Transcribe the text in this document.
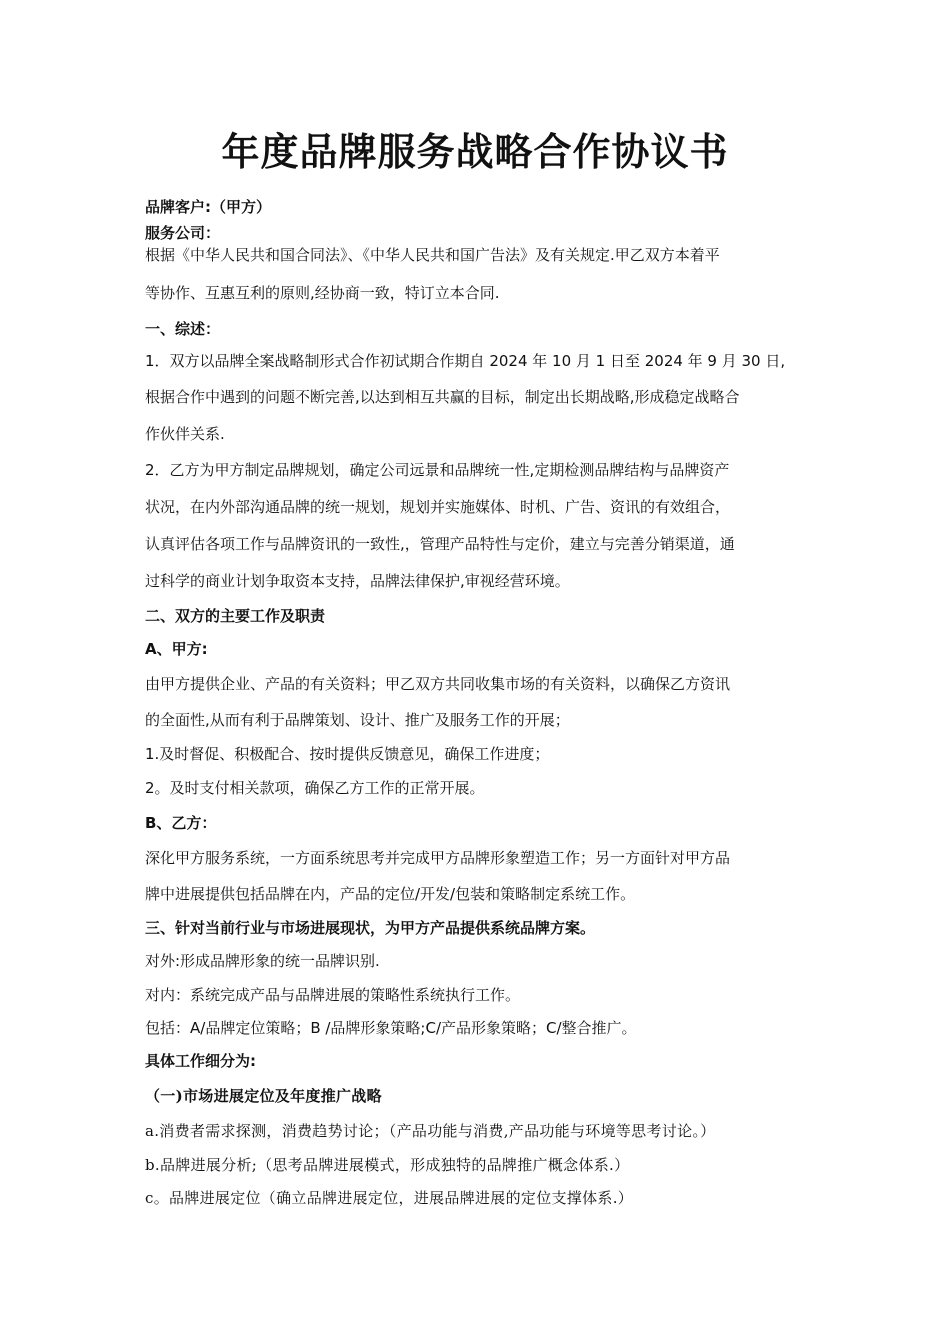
年度品牌服务战略合作协议书

品牌客户:（甲方）

服务公司：

根据《中华人民共和国合同法》、《中华人民共和国广告法》及有关规定.甲乙双方本着平

等协作、互惠互利的原则,经协商一致，特订立本合同.

一、综述：

1．双方以品牌全案战略制形式合作初试期合作期自 2024 年 10 月 1 日至 2024 年 9 月 30 日,

根据合作中遇到的问题不断完善,以达到相互共赢的目标，制定出长期战略,形成稳定战略合

作伙伴关系.

2．乙方为甲方制定品牌规划，确定公司远景和品牌统一性,定期检测品牌结构与品牌资产

状况，在内外部沟通品牌的统一规划，规划并实施媒体、时机、广告、资讯的有效组合，

认真评估各项工作与品牌资讯的一致性,，管理产品特性与定价，建立与完善分销渠道，通

过科学的商业计划争取资本支持，品牌法律保护,审视经营环境。

二、双方的主要工作及职责

A、甲方:

由甲方提供企业、产品的有关资料；甲乙双方共同收集市场的有关资料，以确保乙方资讯

的全面性,从而有利于品牌策划、设计、推广及服务工作的开展；

1.及时督促、积极配合、按时提供反馈意见，确保工作进度；

2。及时支付相关款项，确保乙方工作的正常开展。

B、乙方：

深化甲方服务系统，一方面系统思考并完成甲方品牌形象塑造工作；另一方面针对甲方品

牌中进展提供包括品牌在内，产品的定位/开发/包装和策略制定系统工作。

三、针对当前行业与市场进展现状，为甲方产品提供系统品牌方案。

对外:形成品牌形象的统一品牌识别.

对内：系统完成产品与品牌进展的策略性系统执行工作。

包括：A/品牌定位策略；B /品牌形象策略;C/产品形象策略；C/整合推广。

具体工作细分为:

（一)市场进展定位及年度推广战略

a.消费者需求探测，消费趋势讨论；（产品功能与消费,产品功能与环境等思考讨论。）

b.品牌进展分析;（思考品牌进展模式，形成独特的品牌推广概念体系.）

c。品牌进展定位（确立品牌进展定位，进展品牌进展的定位支撑体系.）
